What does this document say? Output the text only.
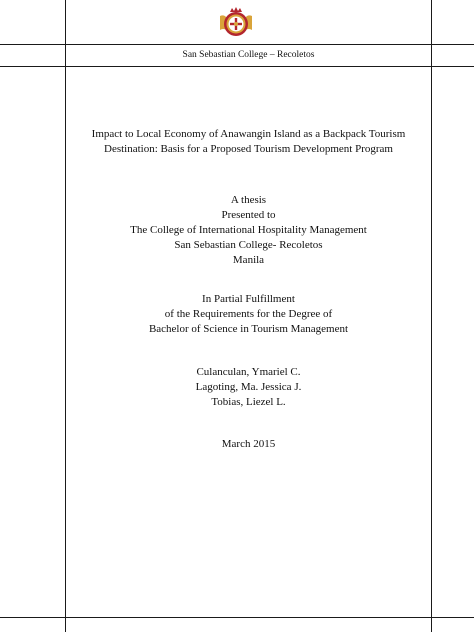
San Sebastian College – Recoletos
Impact to Local Economy of Anawangin Island as a Backpack Tourism
Destination: Basis for a Proposed Tourism Development Program
A thesis
Presented to
The College of International Hospitality Management
San Sebastian College- Recoletos
Manila
In Partial Fulfillment
of the Requirements for the Degree of
Bachelor of Science in Tourism Management
Culanculan, Ymariel C.
Lagoting, Ma. Jessica J.
Tobias, Liezel L.
March 2015
